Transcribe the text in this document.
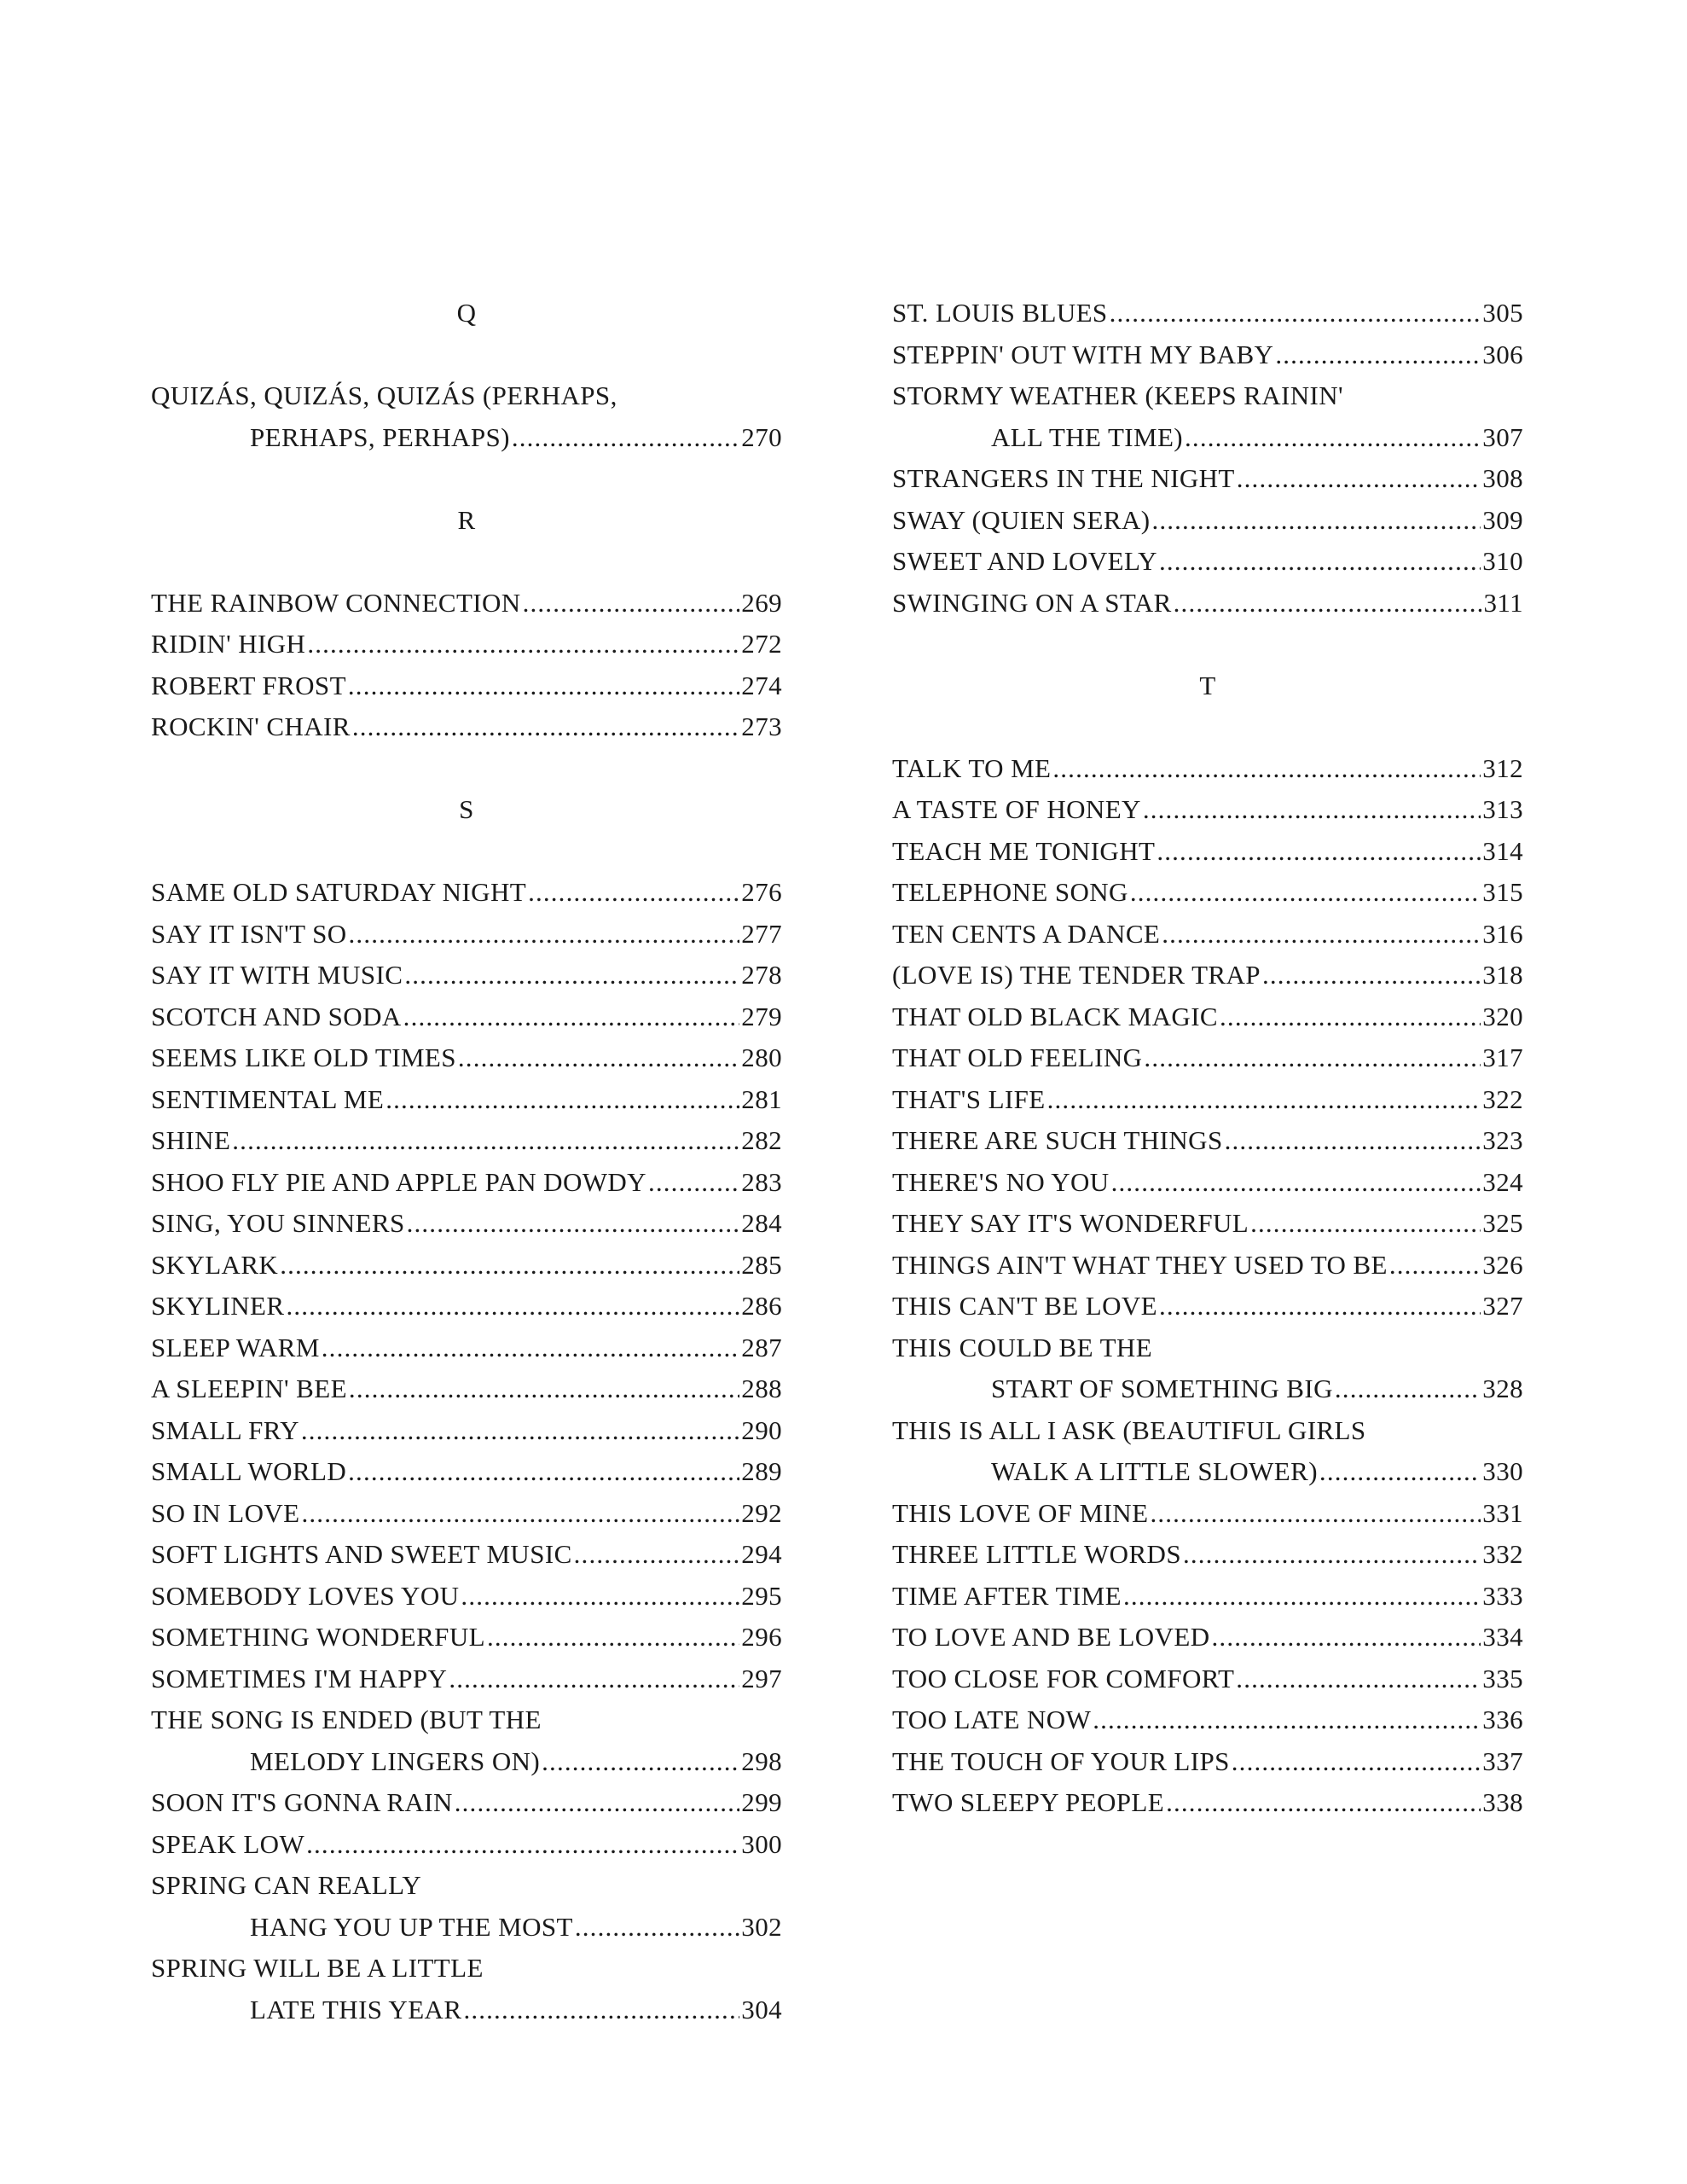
Q
QUIZÁS, QUIZÁS, QUIZÁS (PERHAPS,
PERHAPS, PERHAPS) . . .	270
R
THE RAINBOW CONNECTION . . .	269
RIDIN' HIGH . . .	272
ROBERT FROST . . .	274
ROCKIN' CHAIR . . .	273
S
SAME OLD SATURDAY NIGHT . . .	276
SAY IT ISN'T SO . . .	277
SAY IT WITH MUSIC . . .	278
SCOTCH AND SODA . . .	279
SEEMS LIKE OLD TIMES . . .	280
SENTIMENTAL ME . . .	281
SHINE . . .	282
SHOO FLY PIE AND APPLE PAN DOWDY . . .	283
SING, YOU SINNERS . . .	284
SKYLARK . . .	285
SKYLINER . . .	286
SLEEP WARM . . .	287
A SLEEPIN' BEE . . .	288
SMALL FRY . . .	290
SMALL WORLD . . .	289
SO IN LOVE . . .	292
SOFT LIGHTS AND SWEET MUSIC . . .	294
SOMEBODY LOVES YOU . . .	295
SOMETHING WONDERFUL . . .	296
SOMETIMES I'M HAPPY . . .	297
THE SONG IS ENDED (BUT THE
MELODY LINGERS ON) . . .	298
SOON IT'S GONNA RAIN . . .	299
SPEAK LOW . . .	300
SPRING CAN REALLY
HANG YOU UP THE MOST . . .	302
SPRING WILL BE A LITTLE
LATE THIS YEAR . . .	304
ST. LOUIS BLUES . . .	305
STEPPIN' OUT WITH MY BABY . . .	306
STORMY WEATHER (KEEPS RAININ'
ALL THE TIME) . . .	307
STRANGERS IN THE NIGHT . . .	308
SWAY (QUIEN SERA) . . .	309
SWEET AND LOVELY . . .	310
SWINGING ON A STAR . . .	311
T
TALK TO ME . . .	312
A TASTE OF HONEY . . .	313
TEACH ME TONIGHT . . .	314
TELEPHONE SONG . . .	315
TEN CENTS A DANCE . . .	316
(LOVE IS) THE TENDER TRAP . . .	318
THAT OLD BLACK MAGIC . . .	320
THAT OLD FEELING . . .	317
THAT'S LIFE . . .	322
THERE ARE SUCH THINGS . . .	323
THERE'S NO YOU . . .	324
THEY SAY IT'S WONDERFUL . . .	325
THINGS AIN'T WHAT THEY USED TO BE . . .	326
THIS CAN'T BE LOVE . . .	327
THIS COULD BE THE
START OF SOMETHING BIG . . .	328
THIS IS ALL I ASK (BEAUTIFUL GIRLS
WALK A LITTLE SLOWER) . . .	330
THIS LOVE OF MINE . . .	331
THREE LITTLE WORDS . . .	332
TIME AFTER TIME . . .	333
TO LOVE AND BE LOVED . . .	334
TOO CLOSE FOR COMFORT . . .	335
TOO LATE NOW . . .	336
THE TOUCH OF YOUR LIPS . . .	337
TWO SLEEPY PEOPLE . . .	338
